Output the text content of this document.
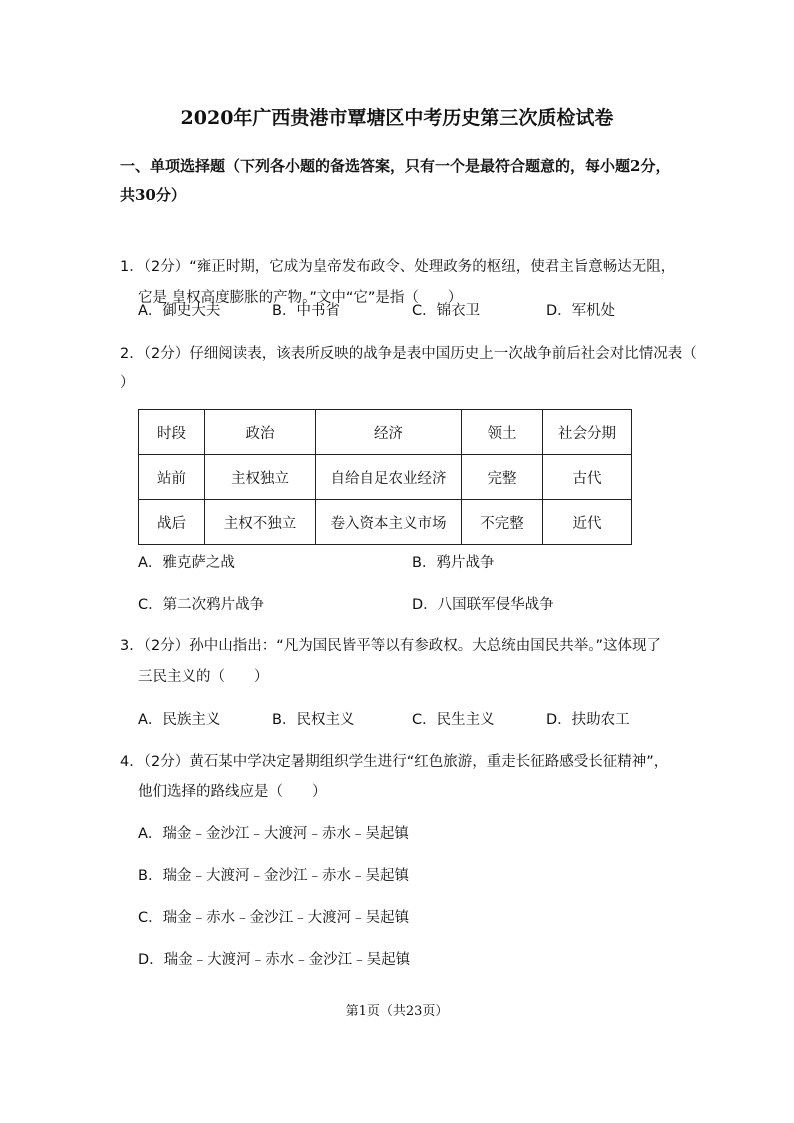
2020年广西贵港市覃塘区中考历史第三次质检试卷
一、单项选择题（下列各小题的备选答案，只有一个是最符合题意的，每小题2分，共30分）
1．（2分）“雍正时期，它成为皇帝发布政令、处理政务的枢纽，使君主旨意畅达无阻，
它是 皇权高度膨胀的产物。”文中“它”是指（　　）
A．御史大夫	B．中书省	C．锦衣卫	D．军机处
2．（2分）仔细阅读表，该表所反映的战争是表中国历史上一次战争前后社会对比情况表（
）
时段	政治	经济	领土	社会分期
站前	主权独立	自给自足农业经济	完整	古代
战后	主权不独立	卷入资本主义市场	不完整	近代
A．雅克萨之战	B．鸦片战争
C．第二次鸦片战争	D．八国联军侵华战争
3．（2分）孙中山指出：“凡为国民皆平等以有参政权。大总统由国民共举。”这体现了
三民主义的（　　）
A．民族主义	B．民权主义	C．民生主义	D．扶助农工
4．（2分）黄石某中学决定暑期组织学生进行“红色旅游，重走长征路感受长征精神”，
他们选择的路线应是（　　）
A．瑞金﹣金沙江﹣大渡河﹣赤水﹣吴起镇
B．瑞金﹣大渡河﹣金沙江﹣赤水﹣吴起镇
C．瑞金﹣赤水﹣金沙江﹣大渡河﹣吴起镇
D．瑞金﹣大渡河﹣赤水﹣金沙江﹣吴起镇
第1页（共23页）
